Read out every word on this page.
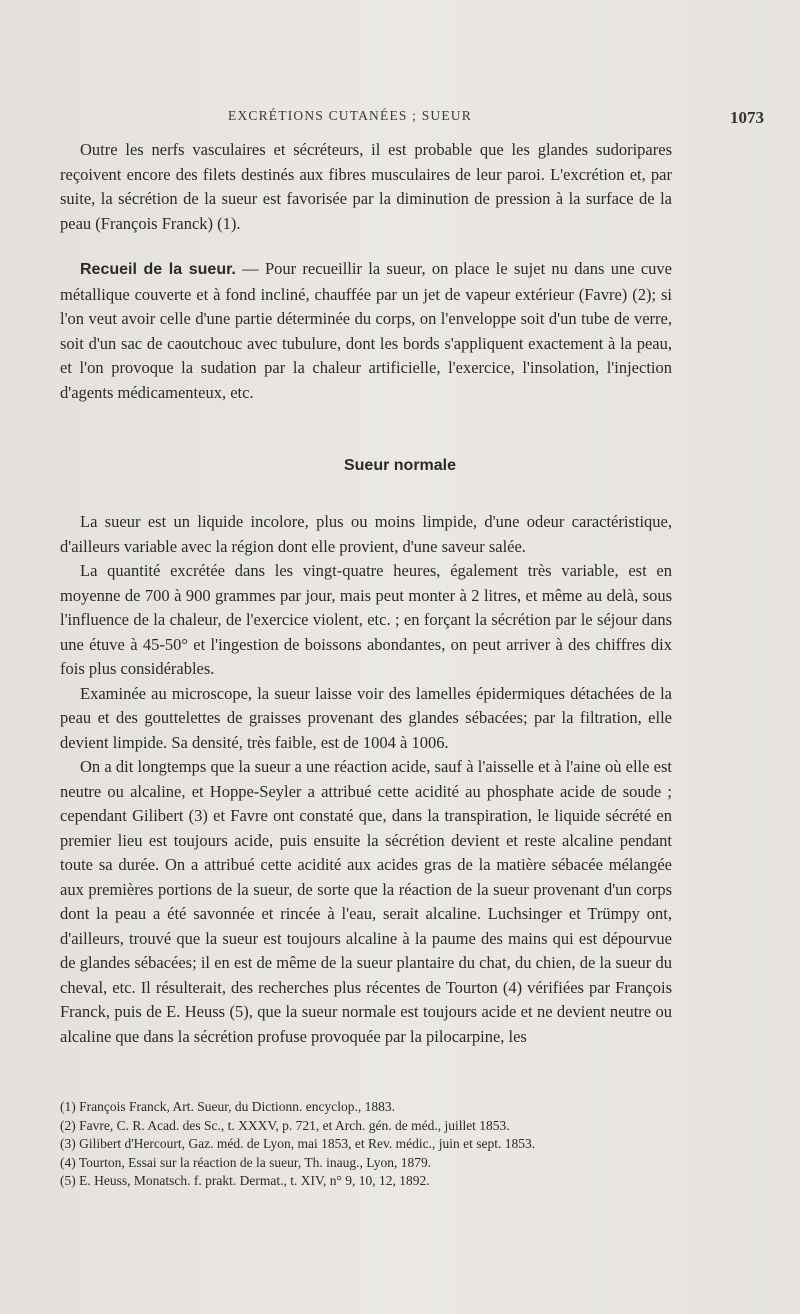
EXCRÉTIONS CUTANÉES ; SUEUR	1073

Outre les nerfs vasculaires et sécréteurs, il est probable que les glandes sudoripares reçoivent encore des filets destinés aux fibres musculaires de leur paroi. L'excrétion et, par suite, la sécrétion de la sueur est favorisée par la diminution de pression à la surface de la peau (François Franck) (1).

Recueil de la sueur. — Pour recueillir la sueur, on place le sujet nu dans une cuve métallique couverte et à fond incliné, chauffée par un jet de vapeur extérieur (Favre) (2); si l'on veut avoir celle d'une partie déterminée du corps, on l'enveloppe soit d'un tube de verre, soit d'un sac de caoutchouc avec tubulure, dont les bords s'appliquent exactement à la peau, et l'on provoque la sudation par la chaleur artificielle, l'exercice, l'insolation, l'injection d'agents médicamenteux, etc.

Sueur normale

La sueur est un liquide incolore, plus ou moins limpide, d'une odeur caractéristique, d'ailleurs variable avec la région dont elle provient, d'une saveur salée.

La quantité excrétée dans les vingt-quatre heures, également très variable, est en moyenne de 700 à 900 grammes par jour, mais peut monter à 2 litres, et même au delà, sous l'influence de la chaleur, de l'exercice violent, etc. ; en forçant la sécrétion par le séjour dans une étuve à 45-50° et l'ingestion de boissons abondantes, on peut arriver à des chiffres dix fois plus considérables.

Examinée au microscope, la sueur laisse voir des lamelles épidermiques détachées de la peau et des gouttelettes de graisses provenant des glandes sébacées; par la filtration, elle devient limpide. Sa densité, très faible, est de 1004 à 1006.

On a dit longtemps que la sueur a une réaction acide, sauf à l'aisselle et à l'aine où elle est neutre ou alcaline, et Hoppe-Seyler a attribué cette acidité au phosphate acide de soude ; cependant Gilibert (3) et Favre ont constaté que, dans la transpiration, le liquide sécrété en premier lieu est toujours acide, puis ensuite la sécrétion devient et reste alcaline pendant toute sa durée. On a attribué cette acidité aux acides gras de la matière sébacée mélangée aux premières portions de la sueur, de sorte que la réaction de la sueur provenant d'un corps dont la peau a été savonnée et rincée à l'eau, serait alcaline. Luchsinger et Trümpy ont, d'ailleurs, trouvé que la sueur est toujours alcaline à la paume des mains qui est dépourvue de glandes sébacées; il en est de même de la sueur plantaire du chat, du chien, de la sueur du cheval, etc. Il résulterait, des recherches plus récentes de Tourton (4) vérifiées par François Franck, puis de E. Heuss (5), que la sueur normale est toujours acide et ne devient neutre ou alcaline que dans la sécrétion profuse provoquée par la pilocarpine, les

(1) François Franck, Art. Sueur, du Dictionn. encyclop., 1883.
(2) Favre, C. R. Acad. des Sc., t. XXXV, p. 721, et Arch. gén. de méd., juillet 1853.
(3) Gilibert d'Hercourt, Gaz. méd. de Lyon, mai 1853, et Rev. médic., juin et sept. 1853.
(4) Tourton, Essai sur la réaction de la sueur, Th. inaug., Lyon, 1879.
(5) E. Heuss, Monatsch. f. prakt. Dermat., t. XIV, n° 9, 10, 12, 1892.
